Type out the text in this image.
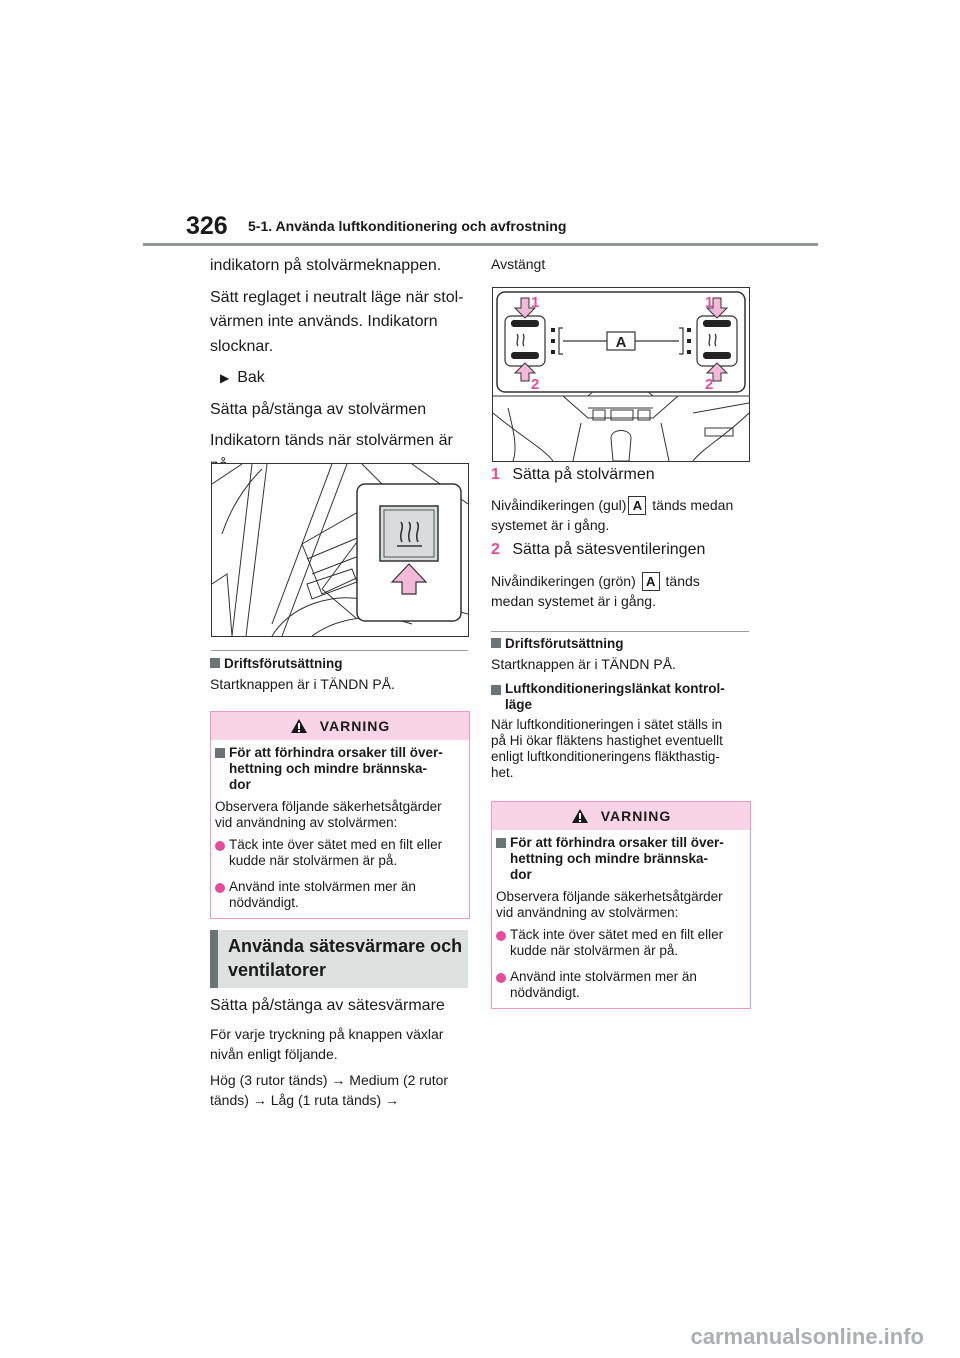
326 5-1. Använda luftkonditionering och avfrostning
indikatorn på stolvärmeknappen.
Sätt reglaget i neutralt läge när stol-
värmen inte används. Indikatorn
slocknar.
▶ Bak
Sätta på/stänga av stolvärmen
Indikatorn tänds när stolvärmen är
Driftsförutsättning
Startknappen är i TÄNDN PÅ.
VARNING
För att förhindra orsaker till över-
hettning och mindre brännska-
dor
Observera följande säkerhetsåtgärder
vid användning av stolvärmen:
Täck inte över sätet med en filt eller
kudde när stolvärmen är på.
Använd inte stolvärmen mer än
nödvändigt.
Använda sätesvärmare och
ventilatorer
Sätta på/stänga av sätesvärmare
För varje tryckning på knappen växlar
nivån enligt följande.
Hög (3 rutor tänds) → Medium (2 rutor
tänds) → Låg (1 ruta tänds) →
Avstängt
A
1	1
2	2
1 Sätta på stolvärmen
Nivåindikeringen (gul) A tänds medan
systemet är i gång.
2 Sätta på sätesventileringen
Nivåindikeringen (grön) A tänds
medan systemet är i gång.
Driftsförutsättning
Startknappen är i TÄNDN PÅ.
Luftkonditioneringslänkat kontrol-
läge
När luftkonditioneringen i sätet ställs in
på Hi ökar fläktens hastighet eventuellt
enligt luftkonditioneringens fläkthastig-
het.
VARNING
För att förhindra orsaker till över-
hettning och mindre brännska-
dor
Observera följande säkerhetsåtgärder
vid användning av stolvärmen:
Täck inte över sätet med en filt eller
kudde när stolvärmen är på.
Använd inte stolvärmen mer än
nödvändigt.
carmanualsonline.info
